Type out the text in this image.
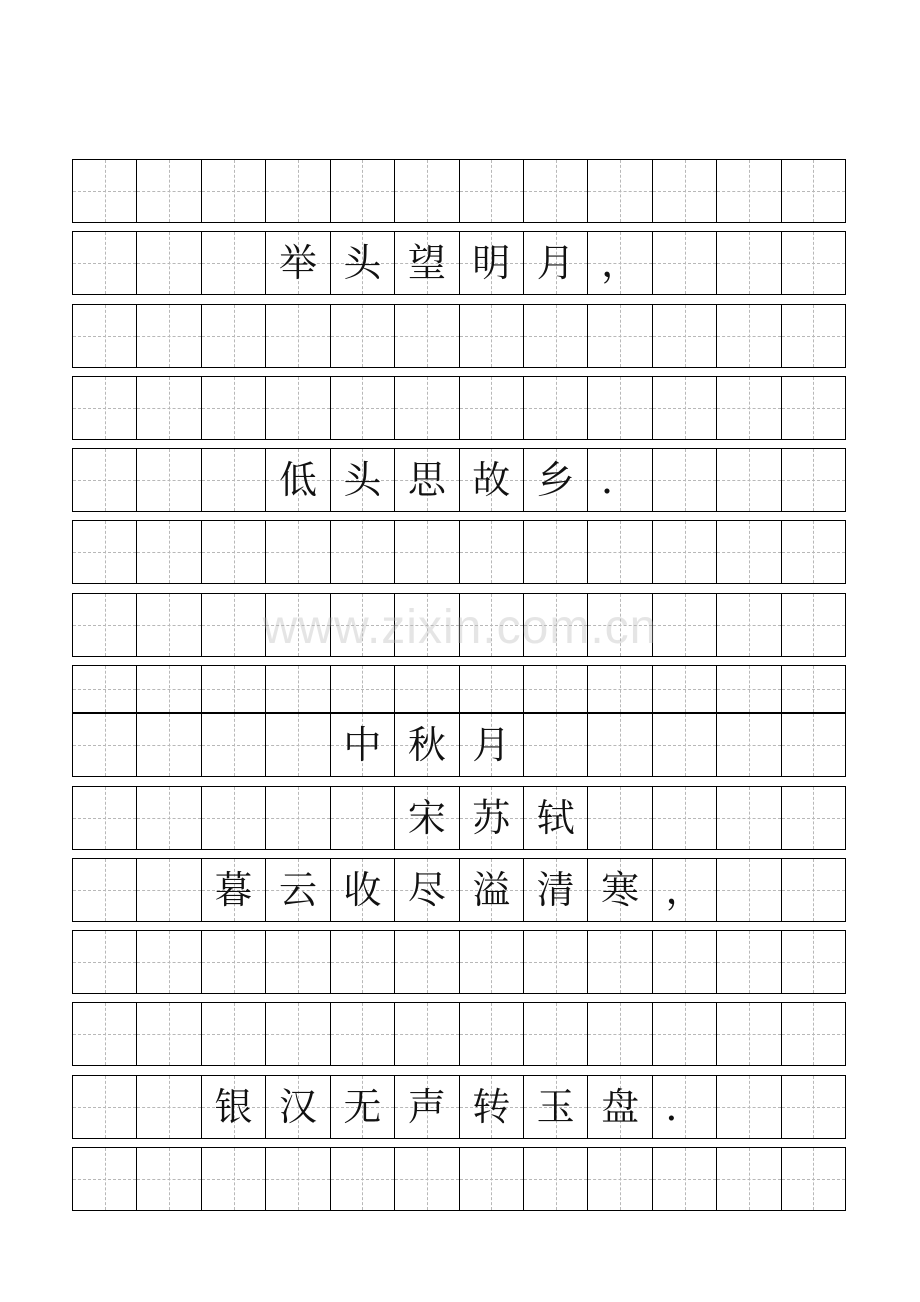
举 头 望 明 月 ，
低 头 思 故 乡 ．
中 秋 月
宋 苏 轼
暮 云 收 尽 溢 清 寒 ，
银 汉 无 声 转 玉 盘 ．
www.zixin.com.cn
